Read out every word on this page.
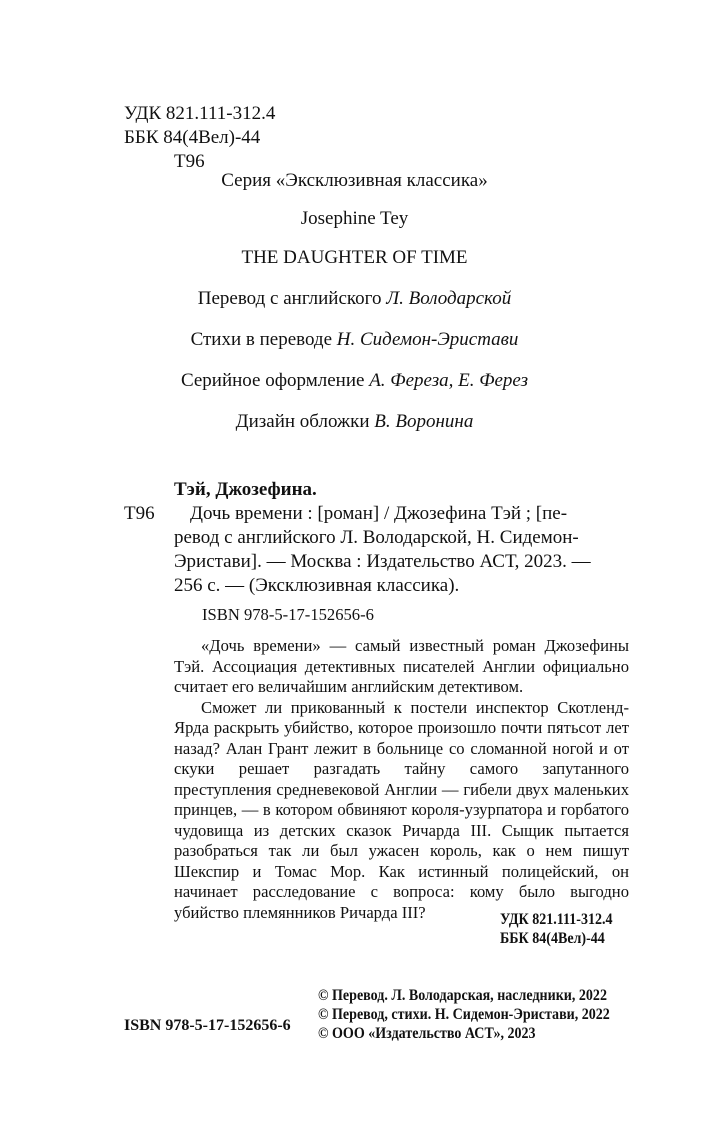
УДК 821.111-312.4
ББК 84(4Вел)-44
Т96
Серия «Эксклюзивная классика»
Josephine Tey
THE DAUGHTER OF TIME
Перевод с английского Л. Володарской
Стихи в переводе Н. Сидемон-Эристави
Серийное оформление А. Фереза, Е. Ферез
Дизайн обложки В. Воронина
Тэй, Джозефина.
Т96 Дочь времени : [роман] / Джозефина Тэй ; [пе-
ревод с английского Л. Володарской, Н. Сидемон-
Эристави]. — Москва : Издательство АСТ, 2023. —
256 с. — (Эксклюзивная классика).
ISBN 978-5-17-152656-6

«Дочь времени» — самый известный роман Джозефины Тэй. Ассоциация детективных писателей Англии официально считает его величайшим английским детективом.

Сможет ли прикованный к постели инспектор Скотленд-Ярда раскрыть убийство, которое произошло почти пятьсот лет назад? Алан Грант лежит в больнице со сломанной ногой и от скуки решает разгадать тайну самого запутанного преступления средневековой Англии — гибели двух маленьких принцев, — в котором обвиняют короля-узурпатора и горбатого чудовища из детских сказок Ричарда III. Сыщик пытается разобраться так ли был ужасен король, как о нем пишут Шекспир и Томас Мор. Как истинный полицейский, он начинает расследование с вопроса: кому было выгодно убийство племянников Ричарда III?	УДК 821.111-312.4
ББК 84(4Вел)-44
© Перевод. Л. Володарская, наследники, 2022
© Перевод, стихи. Н. Сидемон-Эристави, 2022
ISBN 978-5-17-152656-6 © ООО «Издательство АСТ», 2023
